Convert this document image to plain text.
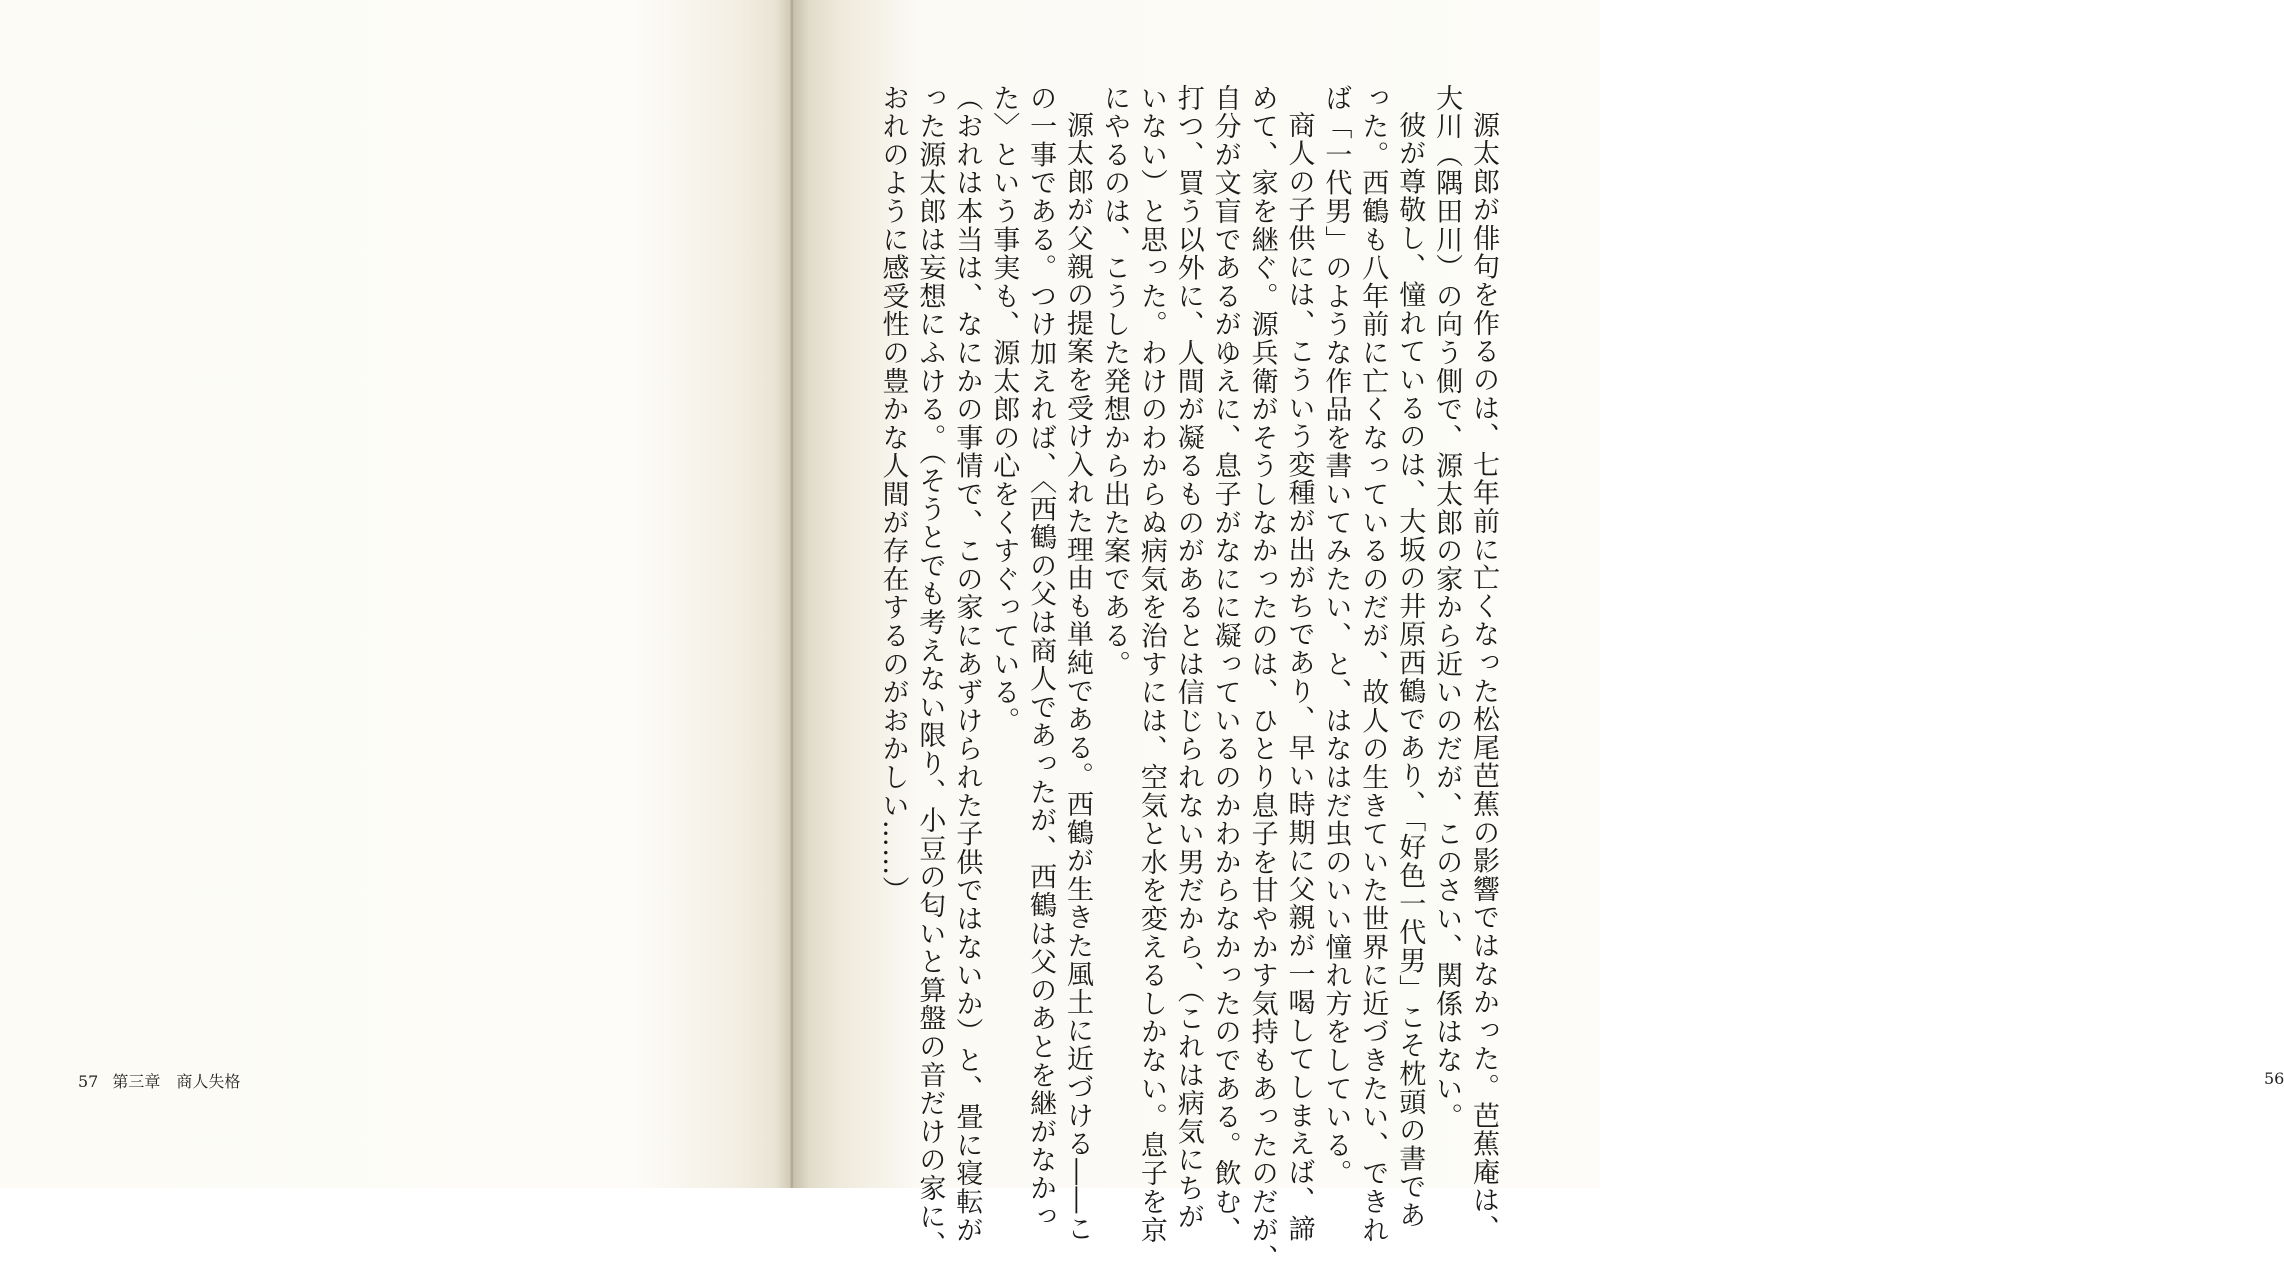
57 第三章 商人失格	源太郎が俳句を作るのは、七年前に亡くなった松尾芭蕉の影響ではなかった。芭蕉庵は、

大川（隅田川）の向う側で、源太郎の家から近いのだが、このさい、関係はない。

彼が尊敬し、憧れているのは、大坂の井原西鶴であり、「好色一代男」こそ枕頭の書であ

った。西鶴も八年前に亡くなっているのだが、故人の生きていた世界に近づきたい、できれ

ば「一代男」のような作品を書いてみたい、と、はなはだ虫のいい憧れ方をしている。

商人の子供には、こういう変種が出がちであり、早い時期に父親が一喝してしまえば、諦

めて、家を継ぐ。源兵衛がそうしなかったのは、ひとり息子を甘やかす気持もあったのだが、

自分が文盲であるがゆえに、息子がなにに凝っているのかわからなかったのである。飲む、

打つ、買う以外に、人間が凝るものがあるとは信じられない男だから、（これは病気にちが

いない）と思った。わけのわからぬ病気を治すには、空気と水を変えるしかない。息子を京

にやるのは、こうした発想から出た案である。

源太郎が父親の提案を受け入れた理由も単純である。西鶴が生きた風土に近づける――こ

の一事である。つけ加えれば、〈西鶴の父は商人であったが、西鶴は父のあとを継がなかっ

た〉という事実も、源太郎の心をくすぐっている。

（おれは本当は、なにかの事情で、この家にあずけられた子供ではないか）と、畳に寝転が

った源太郎は妄想にふける。（そうとでも考えない限り、小豆の匂いと算盤の音だけの家に、

おれのように感受性の豊かな人間が存在するのがおかしい……）

56
